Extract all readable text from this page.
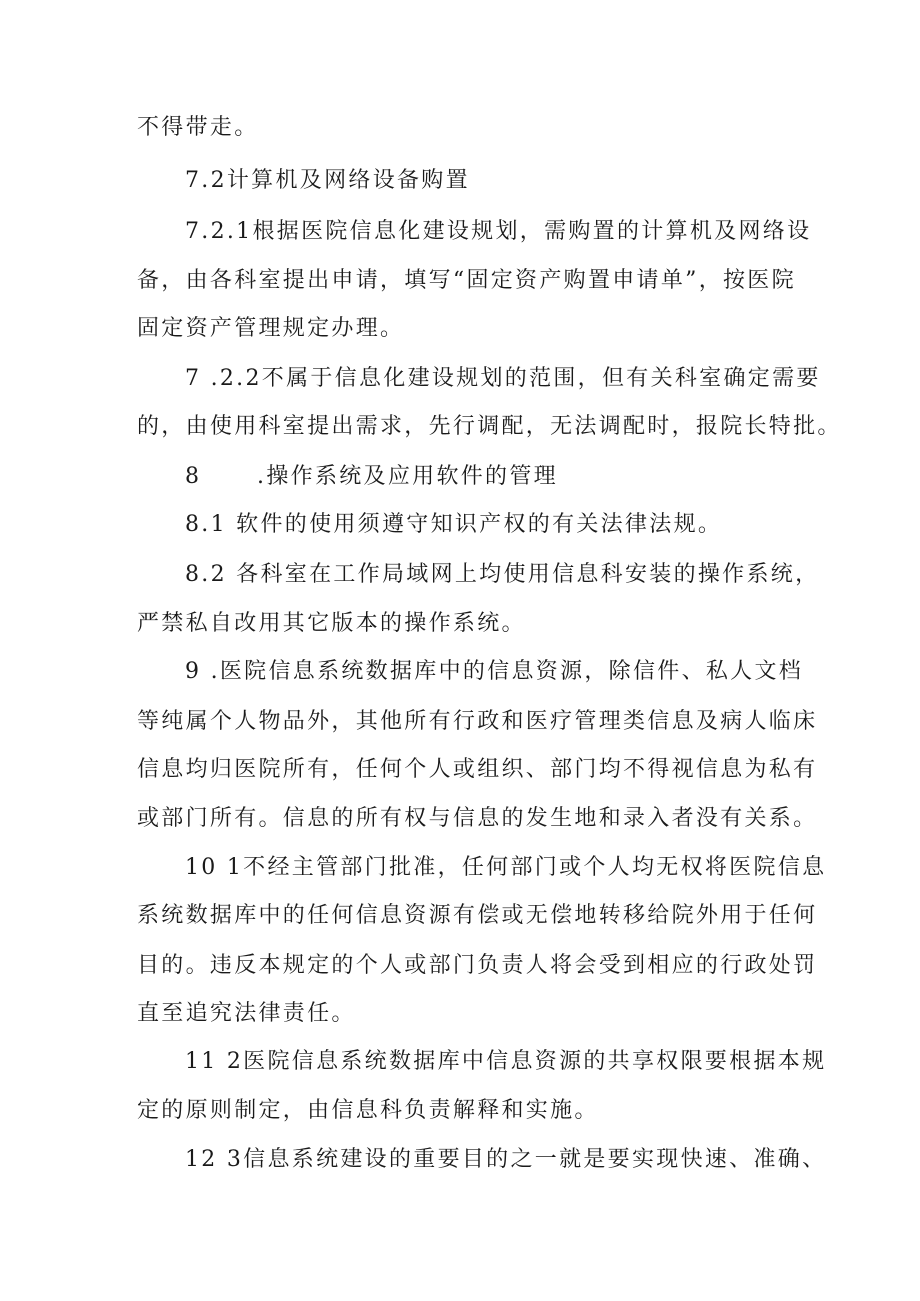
不得带走。
7.2计算机及网络设备购置
7.2.1根据医院信息化建设规划，需购置的计算机及网络设
备，由各科室提出申请，填写“固定资产购置申请单”，按医院
固定资产管理规定办理。
7 .2.2不属于信息化建设规划的范围，但有关科室确定需要
的，由使用科室提出需求，先行调配，无法调配时，报院长特批。
8      .操作系统及应用软件的管理
8.1 软件的使用须遵守知识产权的有关法律法规。
8.2 各科室在工作局域网上均使用信息科安装的操作系统，
严禁私自改用其它版本的操作系统。
9 .医院信息系统数据库中的信息资源，除信件、私人文档
等纯属个人物品外，其他所有行政和医疗管理类信息及病人临床
信息均归医院所有，任何个人或组织、部门均不得视信息为私有
或部门所有。信息的所有权与信息的发生地和录入者没有关系。
10 1不经主管部门批准，任何部门或个人均无权将医院信息
系统数据库中的任何信息资源有偿或无偿地转移给院外用于任何
目的。违反本规定的个人或部门负责人将会受到相应的行政处罚
直至追究法律责任。
11 2医院信息系统数据库中信息资源的共享权限要根据本规
定的原则制定，由信息科负责解释和实施。
12 3信息系统建设的重要目的之一就是要实现快速、准确、
